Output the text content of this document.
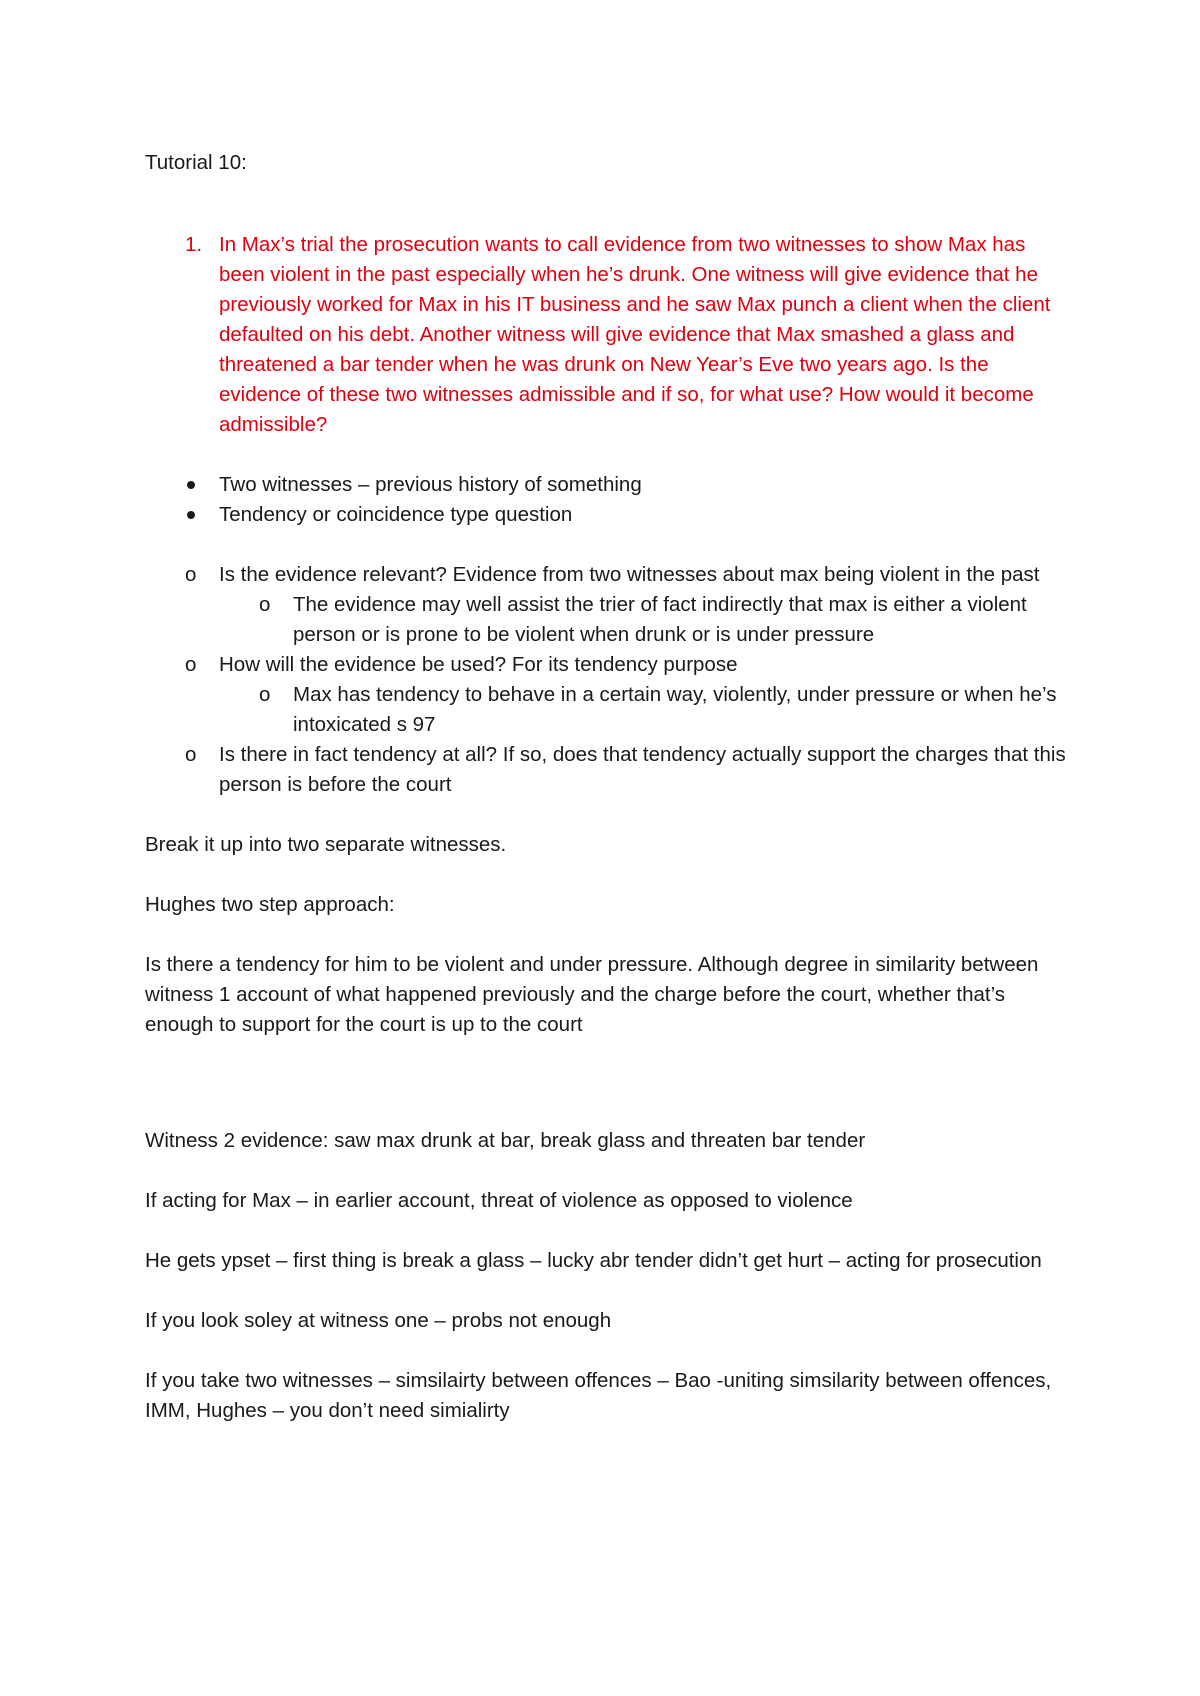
Tutorial 10:
1. In Max’s trial the prosecution wants to call evidence from two witnesses to show Max has been violent in the past especially when he’s drunk. One witness will give evidence that he previously worked for Max in his IT business and he saw Max punch a client when the client defaulted on his debt. Another witness will give evidence that Max smashed a glass and threatened a bar tender when he was drunk on New Year’s Eve two years ago. Is the evidence of these two witnesses admissible and if so, for what use? How would it become admissible?
Two witnesses – previous history of something
Tendency or coincidence type question
o	Is the evidence relevant? Evidence from two witnesses about max being violent in the past
o	The evidence may well assist the trier of fact indirectly that max is either a violent person or is prone to be violent when drunk or is under pressure
o	How will the evidence be used? For its tendency purpose
o	Max has tendency to behave in a certain way, violently, under pressure or when he’s intoxicated s 97
o	Is there in fact tendency at all? If so, does that tendency actually support the charges that this person is before the court

Break it up into two separate witnesses.

Hughes two step approach:

Is there a tendency for him to be violent and under pressure. Although degree in similarity between witness 1 account of what happened previously and the charge before the court, whether that’s enough to support for the court is up to the court

Witness 2 evidence: saw max drunk at bar, break glass and threaten bar tender

If acting for Max – in earlier account, threat of violence as opposed to violence

He gets ypset – first thing is break a glass – lucky abr tender didn’t get hurt – acting for prosecution

If you look soley at witness one – probs not enough

If you take two witnesses – simsilairty between offences – Bao -uniting simsilarity between offences, IMM, Hughes – you don’t need simialirty
